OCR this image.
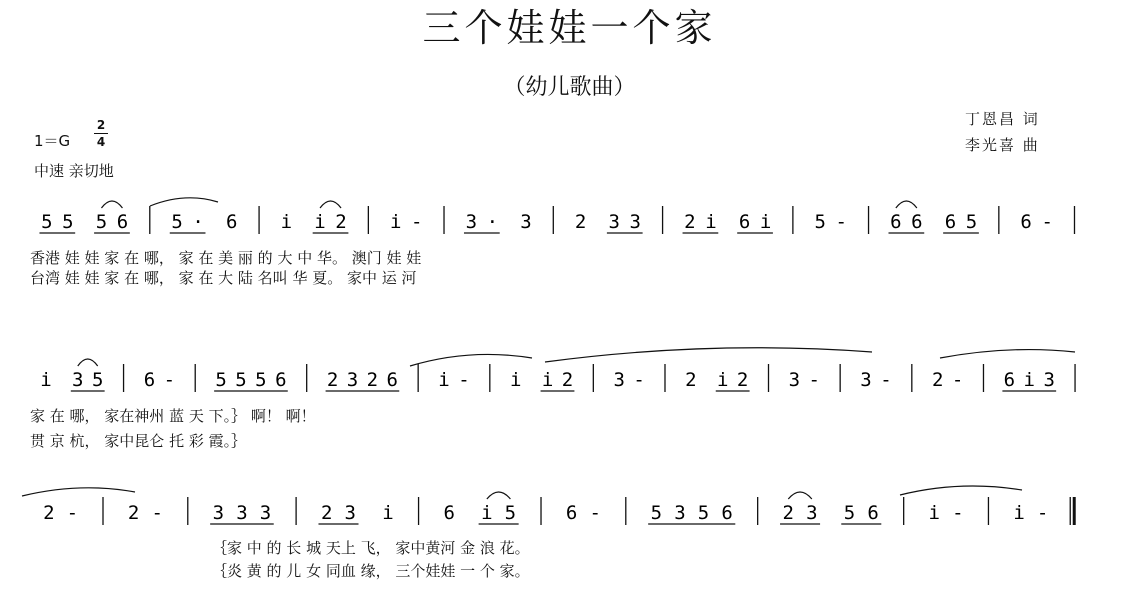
三个娃娃一个家
（幼儿歌曲）
丁恩昌 词
李光喜 曲
1＝G
2
4
中速 亲切地
5 5 5 6 5 · 6 i i 2 i - 3 · 3 2 3 3 2 i 6 i 5 - 6 6 6 5 6 -
i 3 5 6 - 5 5 5 6 2 3 2 6 i - i i 2 3 - 2 i 2 3 - 3 - 2 - 6 i 3
2 -	2 -	3 3 3	2 3 i	6 i 5	6 -	5 3 5 6	2 3 5 6	i -	i -
香港 娃 娃 家 在 哪， 家 在 美 丽 的 大 中 华。 澳门 娃 娃
台湾 娃 娃 家 在 哪， 家 在 大 陆 名叫 华 夏。 家中 运 河
家 在 哪， 家在神州 蓝 天 下。｝ 啊！ 啊！
贯 京 杭， 家中昆仑 托 彩 霞。｝
｛家 中 的 长 城 天上 飞， 家中黄河 金 浪 花。
｛炎 黄 的 儿 女 同血 缘， 三个娃娃 一 个 家。
